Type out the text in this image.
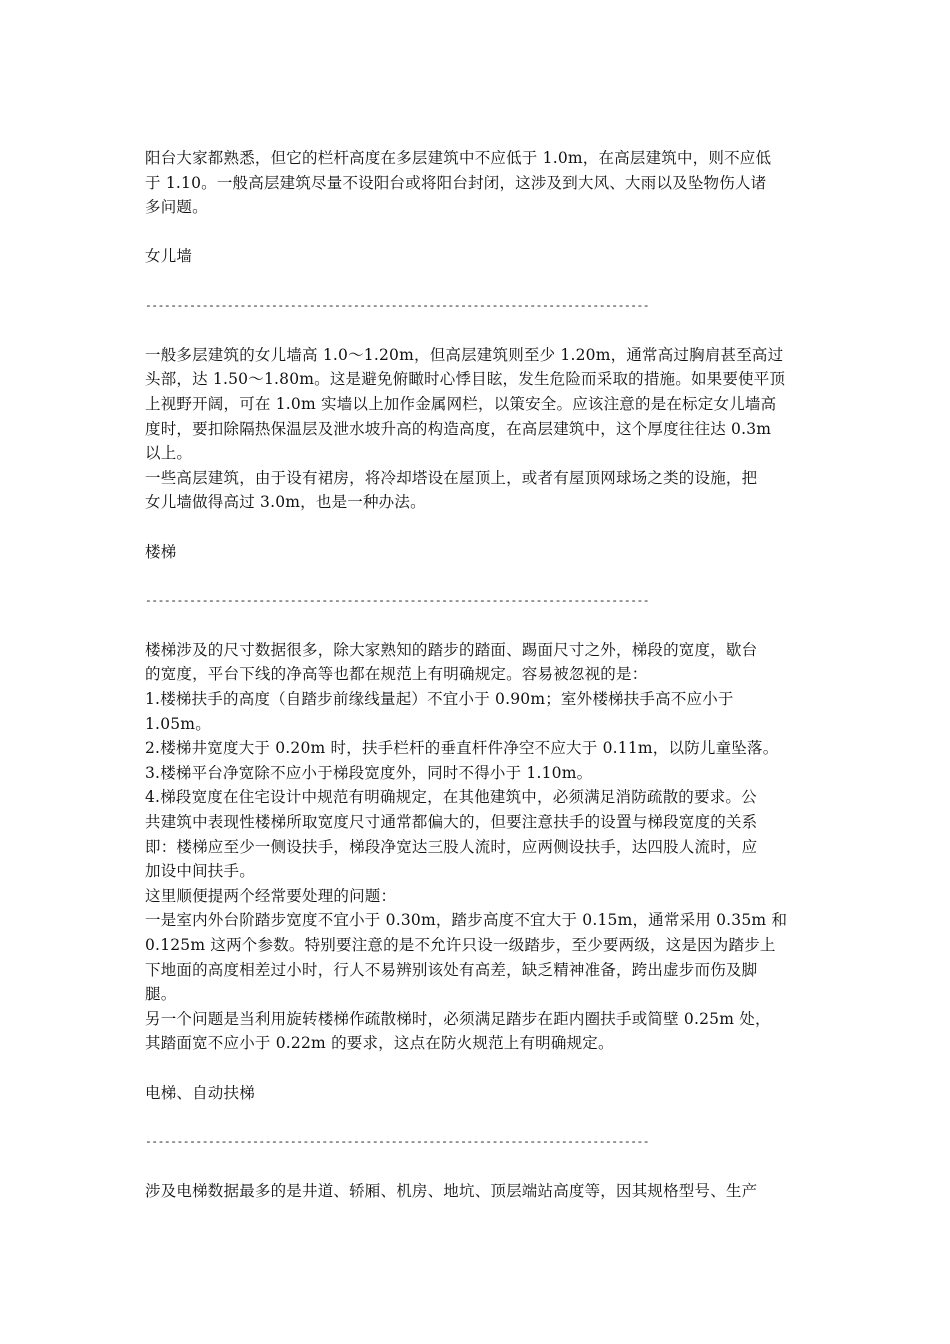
阳台大家都熟悉，但它的栏杆高度在多层建筑中不应低于 1.0m，在高层建筑中，则不应低
于 1.10。一般高层建筑尽量不设阳台或将阳台封闭，这涉及到大风、大雨以及坠物伤人诸
多问题。
女儿墙
--------------------------------------------------------------------------------
一般多层建筑的女儿墙高 1.0～1.20m，但高层建筑则至少 1.20m，通常高过胸肩甚至高过
头部，达 1.50～1.80m。这是避免俯瞰时心悸目眩，发生危险而采取的措施。如果要使平顶
上视野开阔，可在 1.0m 实墙以上加作金属网栏，以策安全。应该注意的是在标定女儿墙高
度时，要扣除隔热保温层及泄水坡升高的构造高度，在高层建筑中，这个厚度往往达 0.3m
以上。
一些高层建筑，由于设有裙房，将冷却塔设在屋顶上，或者有屋顶网球场之类的设施，把
女儿墙做得高过 3.0m，也是一种办法。
楼梯
--------------------------------------------------------------------------------
楼梯涉及的尺寸数据很多，除大家熟知的踏步的踏面、踢面尺寸之外，梯段的宽度，歇台
的宽度，平台下线的净高等也都在规范上有明确规定。容易被忽视的是：
1.楼梯扶手的高度（自踏步前缘线量起）不宜小于 0.90m；室外楼梯扶手高不应小于
1.05m。
2.楼梯井宽度大于 0.20m 时，扶手栏杆的垂直杆件净空不应大于 0.11m，以防儿童坠落。
3.楼梯平台净宽除不应小于梯段宽度外，同时不得小于 1.10m。
4.梯段宽度在住宅设计中规范有明确规定，在其他建筑中，必须满足消防疏散的要求。公
共建筑中表现性楼梯所取宽度尺寸通常都偏大的，但要注意扶手的设置与梯段宽度的关系
即：楼梯应至少一侧设扶手，梯段净宽达三股人流时，应两侧设扶手，达四股人流时，应
加设中间扶手。
这里顺便提两个经常要处理的问题：
一是室内外台阶踏步宽度不宜小于 0.30m，踏步高度不宜大于 0.15m，通常采用 0.35m 和
0.125m 这两个参数。特别要注意的是不允许只设一级踏步，至少要两级，这是因为踏步上
下地面的高度相差过小时，行人不易辨别该处有高差，缺乏精神准备，跨出虚步而伤及脚
腿。
另一个问题是当利用旋转楼梯作疏散梯时，必须满足踏步在距内圈扶手或简壁 0.25m 处，
其踏面宽不应小于 0.22m 的要求，这点在防火规范上有明确规定。
电梯、自动扶梯
--------------------------------------------------------------------------------
涉及电梯数据最多的是井道、轿厢、机房、地坑、顶层端站高度等，因其规格型号、生产
